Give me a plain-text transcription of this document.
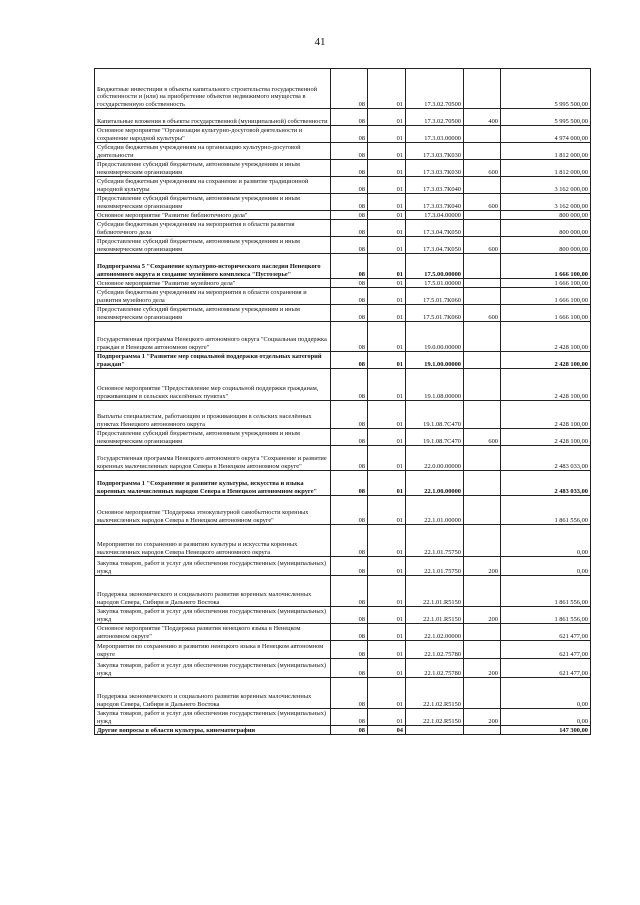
41
Бюджетные инвестиции в объекты капитального строительства государственной собственности и (или) на приобретение объектов недвижимого имущества в государственную собственность	08	01	17.3.02.70500		5 995 500,00
Капитальные вложения в объекты государственной (муниципальной) собственности	08	01	17.3.02.70500	400	5 995 500,00
Основное мероприятие "Организация культурно-досуговой деятельности и сохранение народной культуры"	08	01	17.3.03.00000		4 974 000,00
Субсидии бюджетным учреждениям на организацию культурно-досуговой деятельности	08	01	17.3.03.7К030		1 812 000,00
Предоставление субсидий бюджетным, автономным учреждениям и иным некоммерческим организациям	08	01	17.3.03.7К030	600	1 812 000,00
Субсидии бюджетным учреждениям на сохранение и развитие традиционной народной культуры	08	01	17.3.03.7К040		3 162 000,00
Предоставление субсидий бюджетным, автономным учреждениям и иным некоммерческим организациям	08	01	17.3.03.7К040	600	3 162 000,00
Основное мероприятие "Развитие библиотечного дела"	08	01	17.3.04.00000		800 000,00
Субсидии бюджетным учреждениям на мероприятия в области развития библиотечного дела	08	01	17.3.04.7К050		800 000,00
Предоставление субсидий бюджетным, автономным учреждениям и иным некоммерческим организациям	08	01	17.3.04.7К050	600	800 000,00
Подпрограмма 5 "Сохранение культурно-исторического наследия Ненецкого автономного округа и создание музейного комплекса "Пустозерье"	08	01	17.5.00.00000		1 666 100,00
Основное мероприятие "Развитие музейного дела"	08	01	17.5.01.00000		1 666 100,00
Субсидии бюджетным учреждениям на мероприятия в области сохранения и развития музейного дела	08	01	17.5.01.7К060		1 666 100,00
Предоставление субсидий бюджетным, автономным учреждениям и иным некоммерческим организациям	08	01	17.5.01.7К060	600	1 666 100,00
Государственная программа Ненецкого автономного округа "Социальная поддержка граждан в Ненецком автономном округе"	08	01	19.0.00.00000		2 428 100,00
Подпрограмма 1 "Развитие мер социальной поддержки отдельных категорий граждан"	08	01	19.1.00.00000		2 428 100,00
Основное мероприятие "Предоставление мер социальной поддержки гражданам, проживающим в сельских населённых пунктах"	08	01	19.1.08.00000		2 428 100,00
Выплаты специалистам, работающим и проживающим в сельских населённых пунктах Ненецкого автономного округа	08	01	19.1.08.7С470		2 428 100,00
Предоставление субсидий бюджетным, автономным учреждениям и иным некоммерческим организациям	08	01	19.1.08.7С470	600	2 428 100,00
Государственная программа Ненецкого автономного округа "Сохранение и развитие коренных малочисленных народов Севера в Ненецком автономном округе"	08	01	22.0.00.00000		2 483 033,00
Подпрограмма 1 "Сохранение и развитие культуры, искусства и языка коренных малочисленных народов Севера в Ненецком автономном округе"	08	01	22.1.00.00000		2 483 033,00
Основное мероприятие "Поддержка этнокультурной самобытности коренных малочисленных народов Севера в Ненецком автономном округе"	08	01	22.1.01.00000		1 861 556,00
Мероприятия по сохранению и развитию культуры и искусства коренных малочисленных народов Севера Ненецкого автономного округа	08	01	22.1.01.75750		0,00
Закупка товаров, работ и услуг для обеспечения государственных (муниципальных) нужд	08	01	22.1.01.75750	200	0,00
Поддержка экономического и социального развития коренных малочисленных народов Севера, Сибири и Дальнего Востока	08	01	22.1.01.R5150		1 861 556,00
Закупка товаров, работ и услуг для обеспечения государственных (муниципальных) нужд	08	01	22.1.01.R5150	200	1 861 556,00
Основное мероприятие "Поддержка развития ненецкого языка в Ненецком автономном округе"	08	01	22.1.02.00000		621 477,00
Мероприятия по сохранению и развитию ненецкого языка в Ненецком автономном округе	08	01	22.1.02.75780		621 477,00
Закупка товаров, работ и услуг для обеспечения государственных (муниципальных) нужд	08	01	22.1.02.75780	200	621 477,00
Поддержка экономического и социального развития коренных малочисленных народов Севера, Сибири и Дальнего Востока	08	01	22.1.02.R5150		0,00
Закупка товаров, работ и услуг для обеспечения государственных (муниципальных) нужд	08	01	22.1.02.R5150	200	0,00
Другие вопросы в области культуры, кинематографии	08	04			147 300,00
